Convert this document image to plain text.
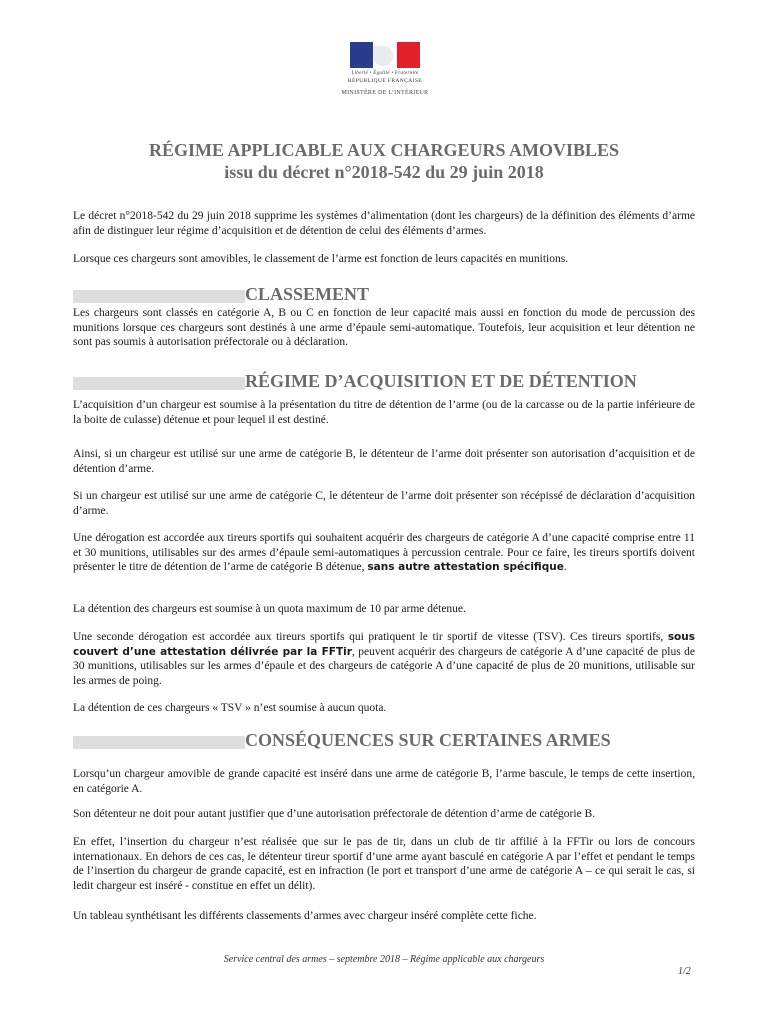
Liberté • Égalité • Fraternité
RÉPUBLIQUE FRANÇAISE
MINISTÈRE DE L’INTÉRIEUR
RÉGIME APPLICABLE AUX CHARGEURS AMOVIBLES
issu du décret n°2018-542 du 29 juin 2018

Le décret n°2018-542 du 29 juin 2018 supprime les systèmes d’alimentation (dont les chargeurs) de la définition des éléments d’arme afin de distinguer leur régime d’acquisition et de détention de celui des éléments d’armes.

Lorsque ces chargeurs sont amovibles, le classement de l’arme est fonction de leurs capacités en munitions.

CLASSEMENT

Les chargeurs sont classés en catégorie A, B ou C en fonction de leur capacité mais aussi en fonction du mode de percussion des munitions lorsque ces chargeurs sont destinés à une arme d’épaule semi-automatique. Toutefois, leur acquisition et leur détention ne sont pas soumis à autorisation préfectorale ou à déclaration.

RÉGIME D’ACQUISITION ET DE DÉTENTION

L’acquisition d’un chargeur est soumise à la présentation du titre de détention de l’arme (ou de la carcasse ou de la partie inférieure de la boite de culasse) détenue et pour lequel il est destiné.

Ainsi, si un chargeur est utilisé sur une arme de catégorie B, le détenteur de l’arme doit présenter son autorisation d’acquisition et de détention d’arme.

Si un chargeur est utilisé sur une arme de catégorie C, le détenteur de l’arme doit présenter son récépissé de déclaration d’acquisition d’arme.

Une dérogation est accordée aux tireurs sportifs qui souhaitent acquérir des chargeurs de catégorie A d’une capacité comprise entre 11 et 30 munitions, utilisables sur des armes d’épaule semi-automatiques à percussion centrale. Pour ce faire, les tireurs sportifs doivent présenter le titre de détention de l’arme de catégorie B détenue, sans autre attestation spécifique.

La détention des chargeurs est soumise à un quota maximum de 10 par arme détenue.

Une seconde dérogation est accordée aux tireurs sportifs qui pratiquent le tir sportif de vitesse (TSV). Ces tireurs sportifs, sous couvert d’une attestation délivrée par la FFTir, peuvent acquérir des chargeurs de catégorie A d’une capacité de plus de 30 munitions, utilisables sur les armes d’épaule et des chargeurs de catégorie A d’une capacité de plus de 20 munitions, utilisable sur les armes de poing.

La détention de ces chargeurs « TSV » n’est soumise à aucun quota.

CONSÉQUENCES SUR CERTAINES ARMES

Lorsqu’un chargeur amovible de grande capacité est inséré dans une arme de catégorie B, l’arme bascule, le temps de cette insertion, en catégorie A.

Son détenteur ne doit pour autant justifier que d’une autorisation préfectorale de détention d’arme de catégorie B.

En effet, l’insertion du chargeur n’est réalisée que sur le pas de tir, dans un club de tir affilié à la FFTir ou lors de concours internationaux. En dehors de ces cas, le détenteur tireur sportif d’une arme ayant basculé en catégorie A par l’effet et pendant le temps de l’insertion du chargeur de grande capacité, est en infraction (le port et transport d’une arme de catégorie A – ce qui serait le cas, si ledit chargeur est inséré - constitue en effet un délit).

Un tableau synthétisant les différents classements d’armes avec chargeur inséré complète cette fiche.

Service central des armes – septembre 2018 – Régime applicable aux chargeurs
1/2
